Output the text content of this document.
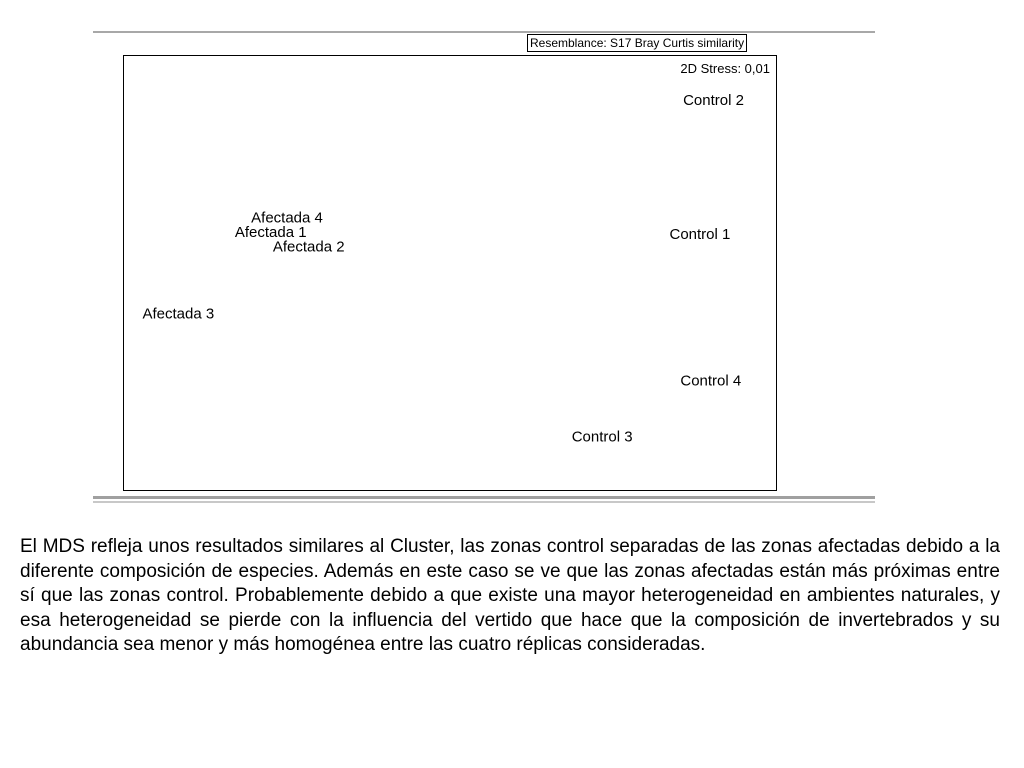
Resemblance: S17 Bray Curtis similarity
Control 2
Afectada 4
Afectada 1	Control 1
Afectada 2
Afectada 3
Control 4
Control 3
2D Stress: 0,01

El MDS refleja unos resultados similares al Cluster, las zonas control separadas de las zonas afectadas debido a la diferente composición de especies. Además en este caso se ve que las zonas afectadas están más próximas entre sí que las zonas control. Probablemente debido a que existe una mayor heterogeneidad en ambientes naturales, y esa heterogeneidad se pierde con la influencia del vertido que hace que la composición de invertebrados y su abundancia sea menor y más homogénea entre las cuatro réplicas consideradas.
